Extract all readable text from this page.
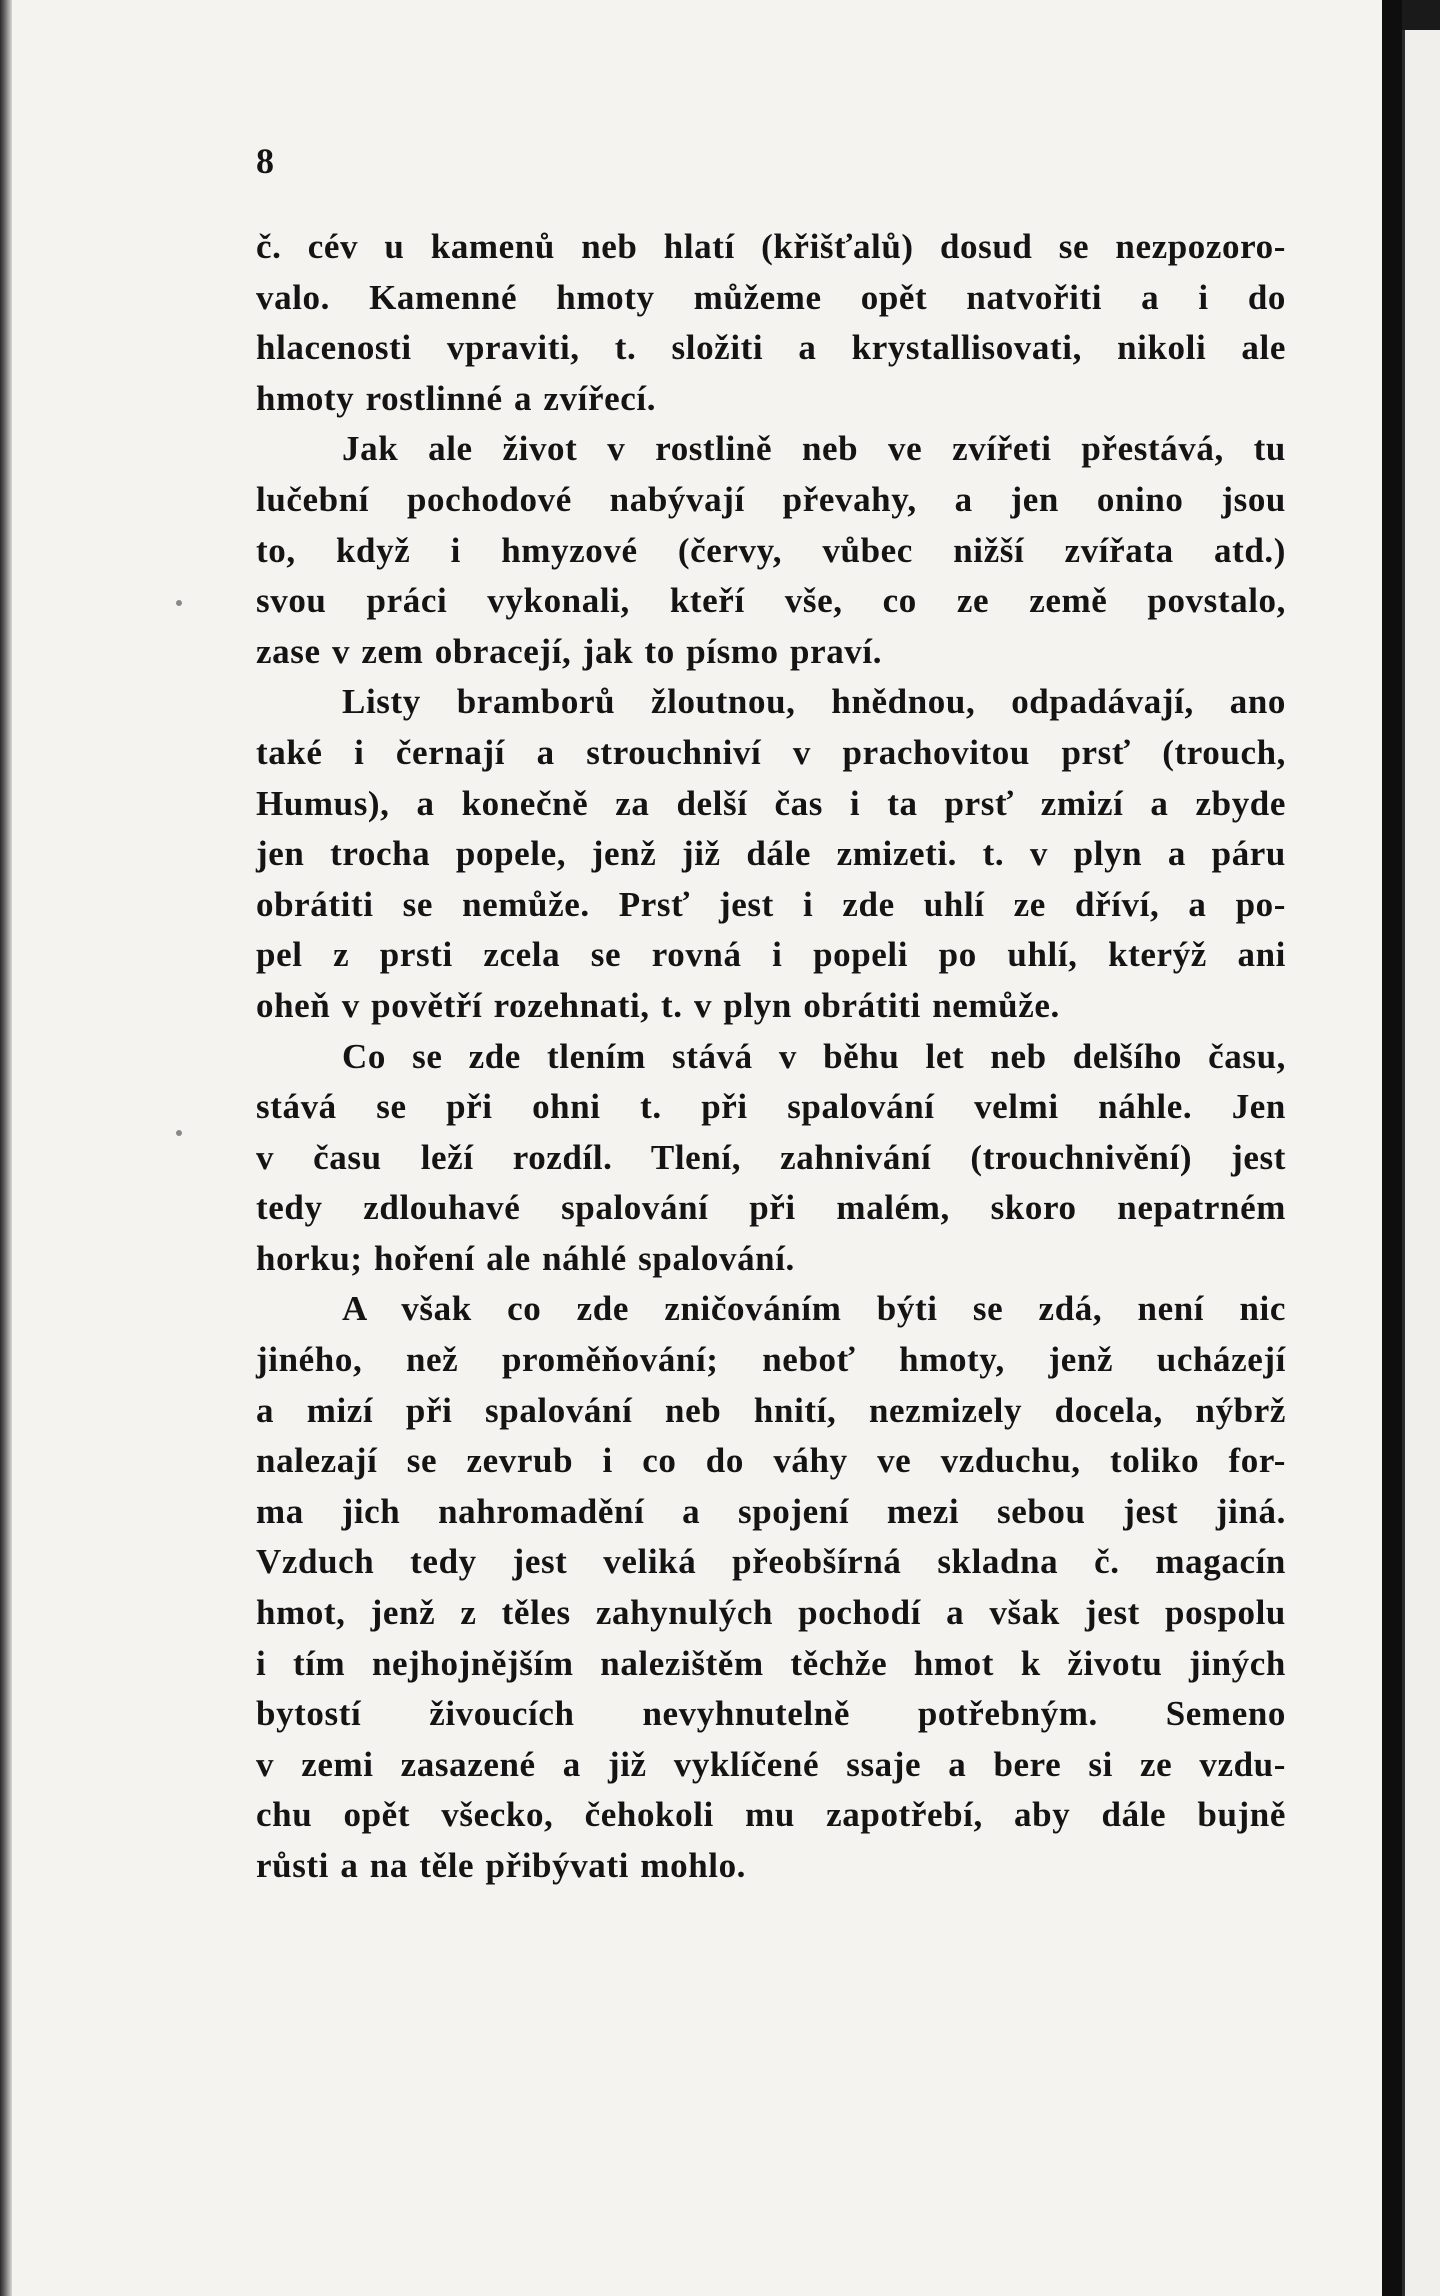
8

č. cév u kamenů neb hlatí (křišťalů) dosud se nezpozoro-
valo. Kamenné hmoty můžeme opět natvořiti a i do
hlacenosti vpraviti, t. složiti a krystallisovati, nikoli ale
hmoty rostlinné a zvířecí.

Jak ale život v rostlině neb ve zvířeti přestává, tu
lučební pochodové nabývají převahy, a jen onino jsou
to, když i hmyzové (červy, vůbec nižší zvířata atd.)
svou práci vykonali, kteří vše, co ze země povstalo,
zase v zem obracejí, jak to písmo praví.

Listy bramborů žloutnou, hnědnou, odpadávají, ano
také i černají a strouchniví v prachovitou prsť (trouch,
Humus), a konečně za delší čas i ta prsť zmizí a zbyde
jen trocha popele, jenž již dále zmizeti. t. v plyn a páru
obrátiti se nemůže. Prsť jest i zde uhlí ze dříví, a po-
pel z prsti zcela se rovná i popeli po uhlí, kterýž ani
oheň v povětří rozehnati, t. v plyn obrátiti nemůže.

Co se zde tlením stává v běhu let neb delšího času,
stává se při ohni t. při spalování velmi náhle. Jen
v času leží rozdíl. Tlení, zahnivání (trouchnivění) jest
tedy zdlouhavé spalování při malém, skoro nepatrném
horku; hoření ale náhlé spalování.

A však co zde zničováním býti se zdá, není nic
jiného, než proměňování; neboť hmoty, jenž ucházejí
a mizí při spalování neb hnití, nezmizely docela, nýbrž
nalezají se zevrub i co do váhy ve vzduchu, toliko for-
ma jich nahromadění a spojení mezi sebou jest jiná.
Vzduch tedy jest veliká přeobšírná skladna č. magacín
hmot, jenž z těles zahynulých pochodí a však jest pospolu
i tím nejhojnějším nalezištěm těchže hmot k životu jiných
bytostí živoucích nevyhnutelně potřebným. Semeno
v zemi zasazené a již vyklíčené ssaje a bere si ze vzdu-
chu opět všecko, čehokoli mu zapotřebí, aby dále bujně
růsti a na těle přibývati mohlo.
